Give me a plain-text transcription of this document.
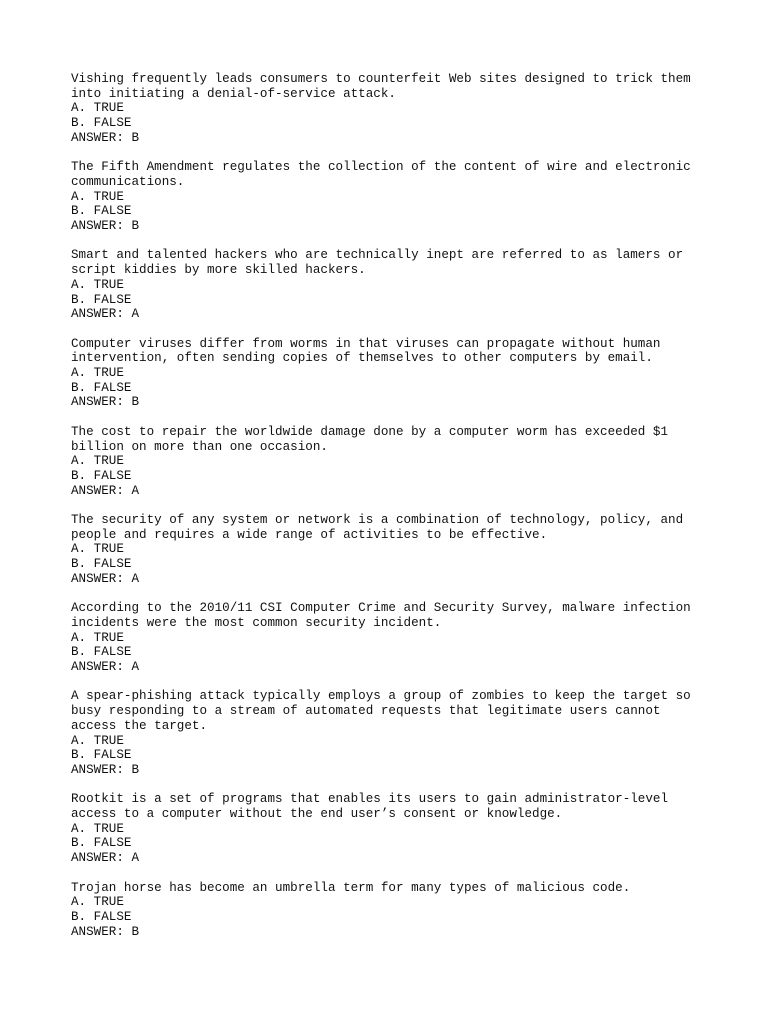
Vishing frequently leads consumers to counterfeit Web sites designed to trick them
into initiating a denial-of-service attack.
A. TRUE
B. FALSE
ANSWER: B
The Fifth Amendment regulates the collection of the content of wire and electronic
communications.
A. TRUE
B. FALSE
ANSWER: B
Smart and talented hackers who are technically inept are referred to as lamers or
script kiddies by more skilled hackers.
A. TRUE
B. FALSE
ANSWER: A
Computer viruses differ from worms in that viruses can propagate without human
intervention, often sending copies of themselves to other computers by email.
A. TRUE
B. FALSE
ANSWER: B
The cost to repair the worldwide damage done by a computer worm has exceeded $1
billion on more than one occasion.
A. TRUE
B. FALSE
ANSWER: A
The security of any system or network is a combination of technology, policy, and
people and requires a wide range of activities to be effective.
A. TRUE
B. FALSE
ANSWER: A
According to the 2010/11 CSI Computer Crime and Security Survey, malware infection
incidents were the most common security incident.
A. TRUE
B. FALSE
ANSWER: A
A spear-phishing attack typically employs a group of zombies to keep the target so
busy responding to a stream of automated requests that legitimate users cannot
access the target.
A. TRUE
B. FALSE
ANSWER: B
Rootkit is a set of programs that enables its users to gain administrator-level
access to a computer without the end user’s consent or knowledge.
A. TRUE
B. FALSE
ANSWER: A
Trojan horse has become an umbrella term for many types of malicious code.
A. TRUE
B. FALSE
ANSWER: B
